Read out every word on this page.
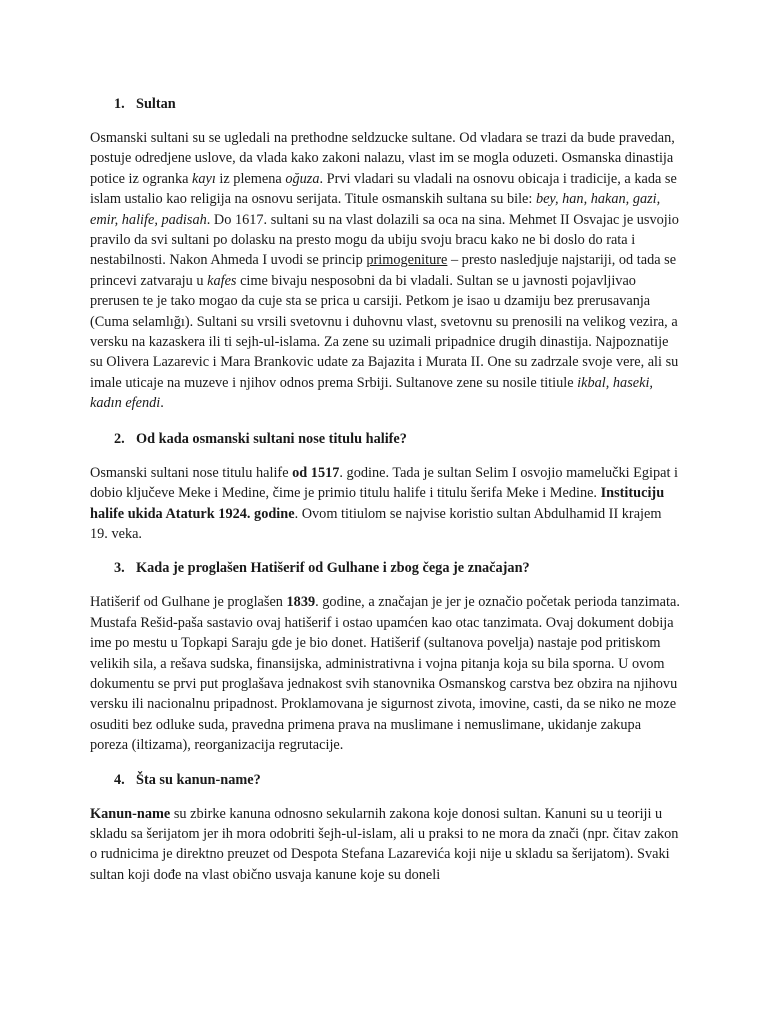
1. Sultan

Osmanski sultani su se ugledali na prethodne seldzucke sultane. Od vladara se trazi da bude pravedan, postuje odredjene uslove, da vlada kako zakoni nalazu, vlast im se mogla oduzeti. Osmanska dinastija potice iz ogranka kayı iz plemena oğuza. Prvi vladari su vladali na osnovu obicaja i tradicije, a kada se islam ustalio kao religija na osnovu serijata. Titule osmanskih sultana su bile: bey, han, hakan, gazi, emir, halife, padisah. Do 1617. sultani su na vlast dolazili sa oca na sina. Mehmet II Osvajac je usvojio pravilo da svi sultani po dolasku na presto mogu da ubiju svoju bracu kako ne bi doslo do rata i nestabilnosti. Nakon Ahmeda I uvodi se princip primogeniture – presto nasledjuje najstariji, od tada se princevi zatvaraju u kafes cime bivaju nesposobni da bi vladali. Sultan se u javnosti pojavljivao prerusen te je tako mogao da cuje sta se prica u carsiji. Petkom je isao u dzamiju bez prerusavanja (Cuma selamlığı). Sultani su vrsili svetovnu i duhovnu vlast, svetovnu su prenosili na velikog vezira, a versku na kazaskera ili ti sejh-ul-islama. Za zene su uzimali pripadnice drugih dinastija. Najpoznatije su Olivera Lazarevic i Mara Brankovic udate za Bajazita i Murata II. One su zadrzale svoje vere, ali su imale uticaje na muzeve i njihov odnos prema Srbiji. Sultanove zene su nosile titiule ikbal, haseki, kadın efendi.

2. Od kada osmanski sultani nose titulu halife?

Osmanski sultani nose titulu halife od 1517. godine. Tada je sultan Selim I osvojio mamelučki Egipat i dobio ključeve Meke i Medine, čime je primio titulu halife i titulu šerifa Meke i Medine. Instituciju halife ukida Ataturk 1924. godine. Ovom titiulom se najvise koristio sultan Abdulhamid II krajem 19. veka.

3. Kada je proglašen Hatišerif od Gulhane i zbog čega je značajan?

Hatišerif od Gulhane je proglašen 1839. godine, a značajan je jer je označio početak perioda tanzimata. Mustafa Rešid-paša sastavio ovaj hatišerif i ostao upamćen kao otac tanzimata. Ovaj dokument dobija ime po mestu u Topkapi Saraju gde je bio donet. Hatišerif (sultanova povelja) nastaje pod pritiskom velikih sila, a rešava sudska, finansijska, administrativna i vojna pitanja koja su bila sporna. U ovom dokumentu se prvi put proglašava jednakost svih stanovnika Osmanskog carstva bez obzira na njihovu versku ili nacionalnu pripadnost. Proklamovana je sigurnost zivota, imovine, casti, da se niko ne moze osuditi bez odluke suda, pravedna primena prava na muslimane i nemuslimane, ukidanje zakupa poreza (iltizama), reorganizacija regrutacije.

4. Šta su kanun-name?

Kanun-name su zbirke kanuna odnosno sekularnih zakona koje donosi sultan. Kanuni su u teoriji u skladu sa šerijatom jer ih mora odobriti šejh-ul-islam, ali u praksi to ne mora da znači (npr. čitav zakon o rudnicima je direktno preuzet od Despota Stefana Lazarevića koji nije u skladu sa šerijatom). Svaki sultan koji dođe na vlast obično usvaja kanune koje su doneli
